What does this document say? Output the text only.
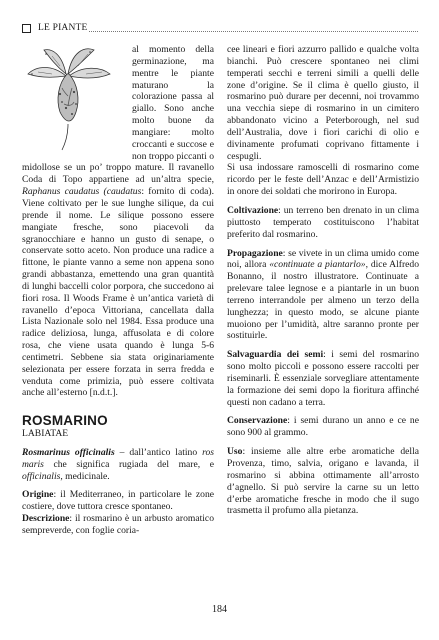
LE PIANTE

al momento della germinazione, ma mentre le piante maturano la colorazione passa al giallo. Sono anche molto buone da mangiare: molto croccanti e succose e non troppo piccanti o midollose se un po’ troppo mature. Il ravanello Coda di Topo appartiene ad un’altra specie, Raphanus caudatus (caudatus: fornito di coda). Viene coltivato per le sue lunghe silique, da cui prende il nome. Le silique possono essere mangiate fresche, sono piacevoli da sgranocchiare e hanno un gusto di senape, o conservate sotto aceto. Non produce una radice a fittone, le piante vanno a seme non appena sono grandi abbastanza, emettendo una gran quantità di lunghi baccelli color porpora, che succedono ai fiori rosa. Il Woods Frame è un’antica varietà di ravanello d’epoca Vittoriana, cancellata dalla Lista Nazionale solo nel 1984. Essa produce una radice deliziosa, lunga, affusolata e di colore rosa, che viene usata quando è lunga 5-6 centimetri. Sebbene sia stata originariamente selezionata per essere forzata in serra fredda e venduta come primizia, può essere coltivata anche all’esterno [n.d.t.].

ROSMARINO

LABIATAE

Rosmarinus officinalis – dall’antico latino ros maris che significa rugiada del mare, e officinalis, medicinale.

Origine: il Mediterraneo, in particolare le zone costiere, dove tuttora cresce spontaneo.

Descrizione: il rosmarino è un arbusto aromatico sempreverde, con foglie coria-

cee lineari e fiori azzurro pallido e qualche volta bianchi. Può crescere spontaneo nei climi temperati secchi e terreni simili a quelli delle zone d’origine. Se il clima è quello giusto, il rosmarino può durare per decenni, noi trovammo una vecchia siepe di rosmarino in un cimitero abbandonato vicino a Peterborough, nel sud dell’Australia, dove i fiori carichi di olio e divinamente profumati coprivano fittamente i cespugli.

Si usa indossare ramoscelli di rosmarino come ricordo per le feste dell’Anzac e dell’Armistizio in onore dei soldati che morirono in Europa.

Coltivazione: un terreno ben drenato in un clima piuttosto temperato costituiscono l’habitat preferito dal rosmarino.

Propagazione: se vivete in un clima umido come noi, allora «continuate a piantarlo», dice Alfredo Bonanno, il nostro illustratore. Continuate a prelevare talee legnose e a piantarle in un buon terreno interrandole per almeno un terzo della lunghezza; in questo modo, se alcune piante muoiono per l’umidità, altre saranno pronte per sostituirle.

Salvaguardia dei semi: i semi del rosmarino sono molto piccoli e possono essere raccolti per riseminarli. È essenziale sorvegliare attentamente la formazione dei semi dopo la fioritura affinché questi non cadano a terra.

Conservazione: i semi durano un anno e ce ne sono 900 al grammo.

Uso: insieme alle altre erbe aromatiche della Provenza, timo, salvia, origano e lavanda, il rosmarino si abbina ottimamente all’arrosto d’agnello. Si può servire la carne su un letto d’erbe aromatiche fresche in modo che il sugo trasmetta il profumo alla pietanza.

184
